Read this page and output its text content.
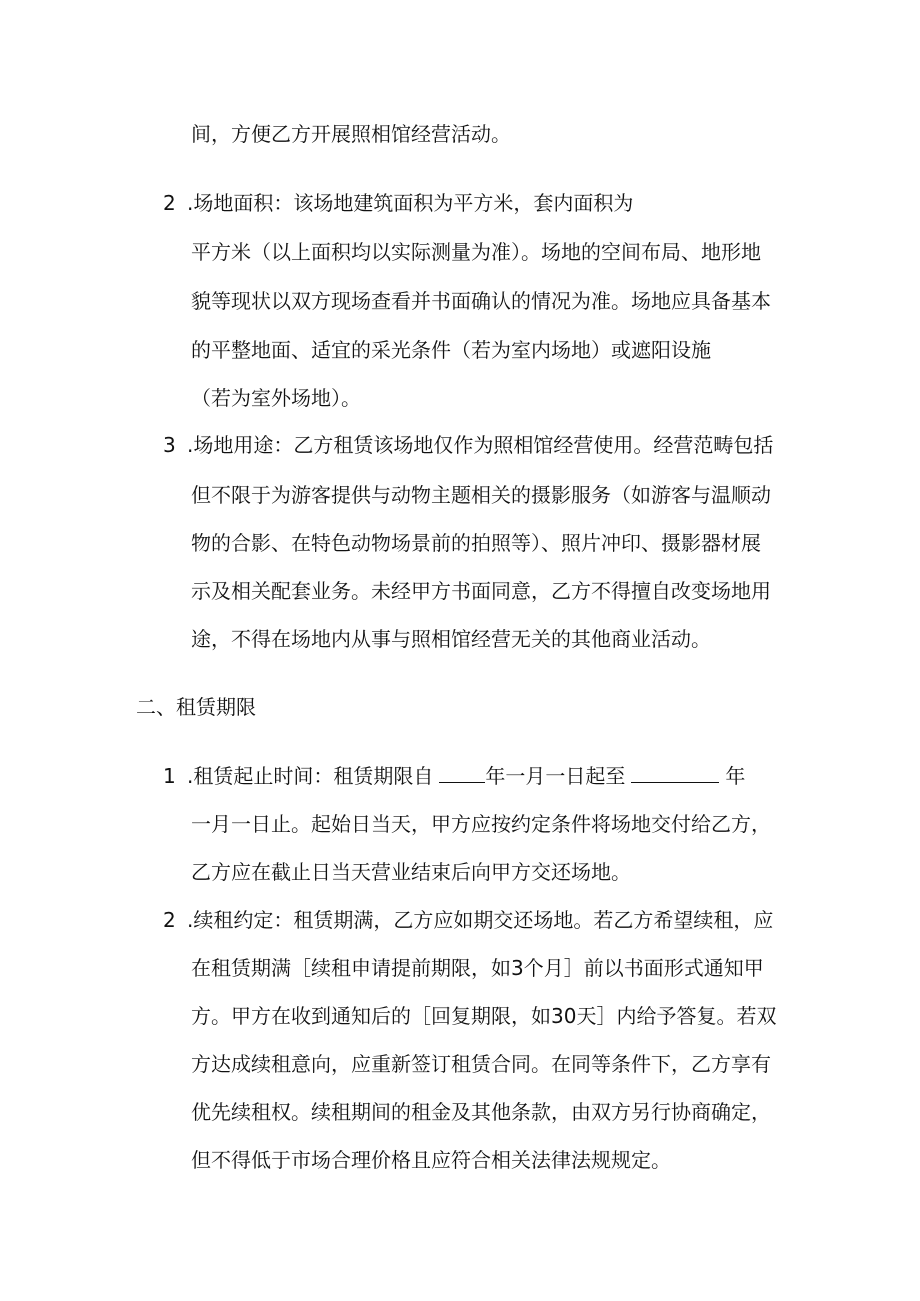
间，方便乙方开展照相馆经营活动。
2 .场地面积：该场地建筑面积为平方米，套内面积为
平方米（以上面积均以实际测量为准）。场地的空间布局、地形地
貌等现状以双方现场查看并书面确认的情况为准。场地应具备基本
的平整地面、适宜的采光条件（若为室内场地）或遮阳设施
（若为室外场地）。
3 .场地用途：乙方租赁该场地仅作为照相馆经营使用。经营范畴包括
但不限于为游客提供与动物主题相关的摄影服务（如游客与温顺动
物的合影、在特色动物场景前的拍照等）、照片冲印、摄影器材展
示及相关配套业务。未经甲方书面同意，乙方不得擅自改变场地用
途，不得在场地内从事与照相馆经营无关的其他商业活动。
二、租赁期限
1 .租赁起止时间：租赁期限自	年一月一日起至	年
一月一日止。起始日当天，甲方应按约定条件将场地交付给乙方，
乙方应在截止日当天营业结束后向甲方交还场地。
2 .续租约定：租赁期满，乙方应如期交还场地。若乙方希望续租，应
在租赁期满［续租申请提前期限，如3个月］前以书面形式通知甲
方。甲方在收到通知后的［回复期限，如30天］内给予答复。若双
方达成续租意向，应重新签订租赁合同。在同等条件下，乙方享有
优先续租权。续租期间的租金及其他条款，由双方另行协商确定，
但不得低于市场合理价格且应符合相关法律法规规定。
